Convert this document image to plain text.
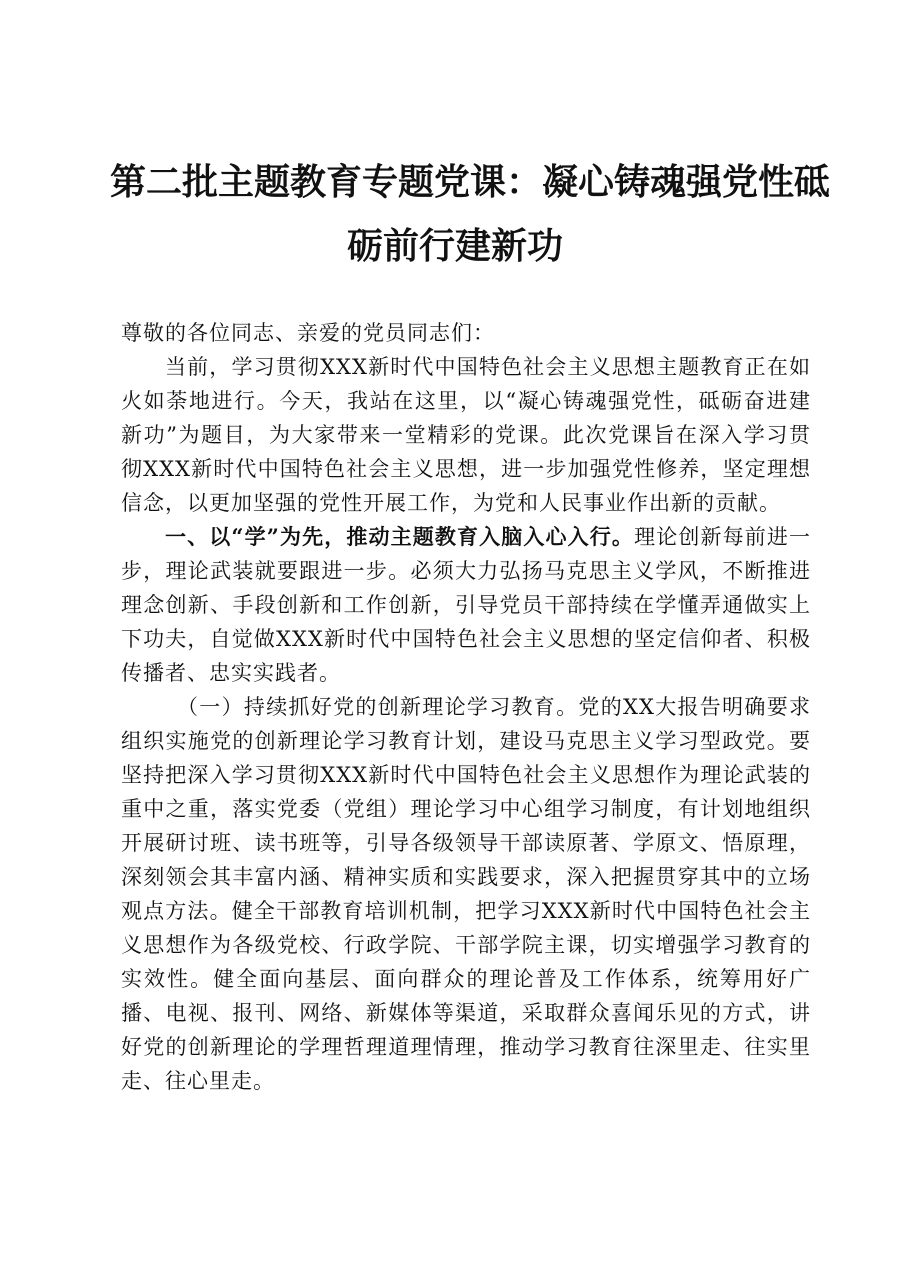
第二批主题教育专题党课：凝心铸魂强党性砥
砺前行建新功

尊敬的各位同志、亲爱的党员同志们：

当前，学习贯彻XXX新时代中国特色社会主义思想主题教育正在如火如荼地进行。今天，我站在这里，以“凝心铸魂强党性，砥砺奋进建新功”为题目，为大家带来一堂精彩的党课。此次党课旨在深入学习贯彻XXX新时代中国特色社会主义思想，进一步加强党性修养，坚定理想信念，以更加坚强的党性开展工作，为党和人民事业作出新的贡献。

一、以“学”为先，推动主题教育入脑入心入行。理论创新每前进一步，理论武装就要跟进一步。必须大力弘扬马克思主义学风，不断推进理念创新、手段创新和工作创新，引导党员干部持续在学懂弄通做实上下功夫，自觉做XXX新时代中国特色社会主义思想的坚定信仰者、积极传播者、忠实实践者。

（一）持续抓好党的创新理论学习教育。党的XX大报告明确要求组织实施党的创新理论学习教育计划，建设马克思主义学习型政党。要坚持把深入学习贯彻XXX新时代中国特色社会主义思想作为理论武装的重中之重，落实党委（党组）理论学习中心组学习制度，有计划地组织开展研讨班、读书班等，引导各级领导干部读原著、学原文、悟原理，深刻领会其丰富内涵、精神实质和实践要求，深入把握贯穿其中的立场观点方法。健全干部教育培训机制，把学习XXX新时代中国特色社会主义思想作为各级党校、行政学院、干部学院主课，切实增强学习教育的实效性。健全面向基层、面向群众的理论普及工作体系，统筹用好广播、电视、报刊、网络、新媒体等渠道，采取群众喜闻乐见的方式，讲好党的创新理论的学理哲理道理情理，推动学习教育往深里走、往实里走、往心里走。
